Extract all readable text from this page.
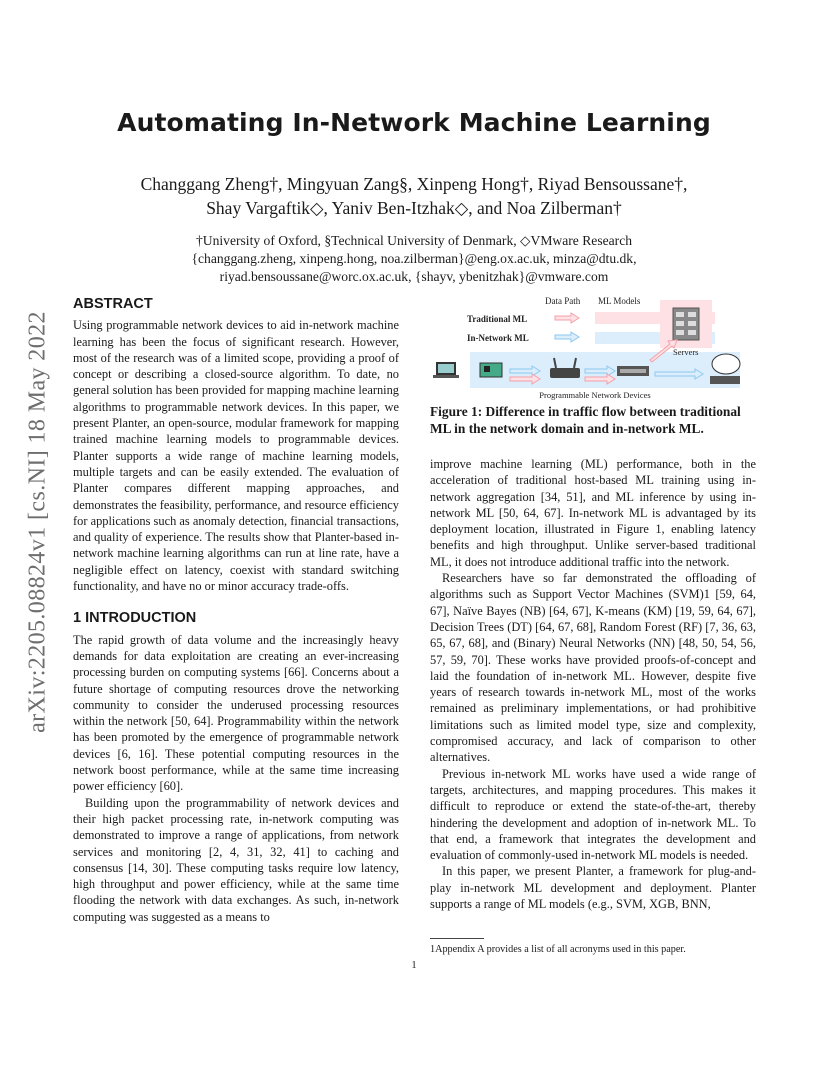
Automating In-Network Machine Learning
Changgang Zheng†, Mingyuan Zang§, Xinpeng Hong†, Riyad Bensoussane†,
Shay Vargaftik◇, Yaniv Ben-Itzhak◇, and Noa Zilberman†
†University of Oxford, §Technical University of Denmark, ◇VMware Research
{changgang.zheng, xinpeng.hong, noa.zilberman}@eng.ox.ac.uk, minza@dtu.dk,
riyad.bensoussane@worc.ox.ac.uk, {shayv, ybenitzhak}@vmware.com
arXiv:2205.08824v1 [cs.NI] 18 May 2022
ABSTRACT

Using programmable network devices to aid in-network machine learning has been the focus of significant research. However, most of the research was of a limited scope, providing a proof of concept or describing a closed-source algorithm. To date, no general solution has been provided for mapping machine learning algorithms to programmable network devices. In this paper, we present Planter, an open-source, modular framework for mapping trained machine learning models to programmable devices. Planter supports a wide range of machine learning models, multiple targets and can be easily extended. The evaluation of Planter compares different mapping approaches, and demonstrates the feasibility, performance, and resource efficiency for applications such as anomaly detection, financial transactions, and quality of experience. The results show that Planter-based in-network machine learning algorithms can run at line rate, have a negligible effect on latency, coexist with standard switching functionality, and have no or minor accuracy trade-offs.

1 INTRODUCTION

The rapid growth of data volume and the increasingly heavy demands for data exploitation are creating an ever-increasing processing burden on computing systems [66]. Concerns about a future shortage of computing resources drove the networking community to consider the underused processing resources within the network [50, 64]. Programmability within the network has been promoted by the emergence of programmable network devices [6, 16]. These potential computing resources in the network boost performance, while at the same time increasing power efficiency [60].

Building upon the programmability of network devices and their high packet processing rate, in-network computing was demonstrated to improve a range of applications, from network services and monitoring [2, 4, 31, 32, 41] to caching and consensus [14, 30]. These computing tasks require low latency, high throughput and power efficiency, while at the same time flooding the network with data exchanges. As such, in-network computing was suggested as a means to

Data Path ML Models
Traditional ML
In-Network ML
Servers
Programmable Network Devices
Figure 1: Difference in traffic flow between traditional ML in the network domain and in-network ML.

improve machine learning (ML) performance, both in the acceleration of traditional host-based ML training using in-network aggregation [34, 51], and ML inference by using in-network ML [50, 64, 67]. In-network ML is advantaged by its deployment location, illustrated in Figure 1, enabling latency benefits and high throughput. Unlike server-based traditional ML, it does not introduce additional traffic into the network.

Researchers have so far demonstrated the offloading of algorithms such as Support Vector Machines (SVM)1 [59, 64, 67], Naïve Bayes (NB) [64, 67], K-means (KM) [19, 59, 64, 67], Decision Trees (DT) [64, 67, 68], Random Forest (RF) [7, 36, 63, 65, 67, 68], and (Binary) Neural Networks (NN) [48, 50, 54, 56, 57, 59, 70]. These works have provided proofs-of-concept and laid the foundation of in-network ML. However, despite five years of research towards in-network ML, most of the works remained as preliminary implementations, or had prohibitive limitations such as limited model type, size and complexity, compromised accuracy, and lack of comparison to other alternatives.

Previous in-network ML works have used a wide range of targets, architectures, and mapping procedures. This makes it difficult to reproduce or extend the state-of-the-art, thereby hindering the development and adoption of in-network ML. To that end, a framework that integrates the development and evaluation of commonly-used in-network ML models is needed.

In this paper, we present Planter, a framework for plug-and-play in-network ML development and deployment. Planter supports a range of ML models (e.g., SVM, XGB, BNN,

1Appendix A provides a list of all acronyms used in this paper.
1
